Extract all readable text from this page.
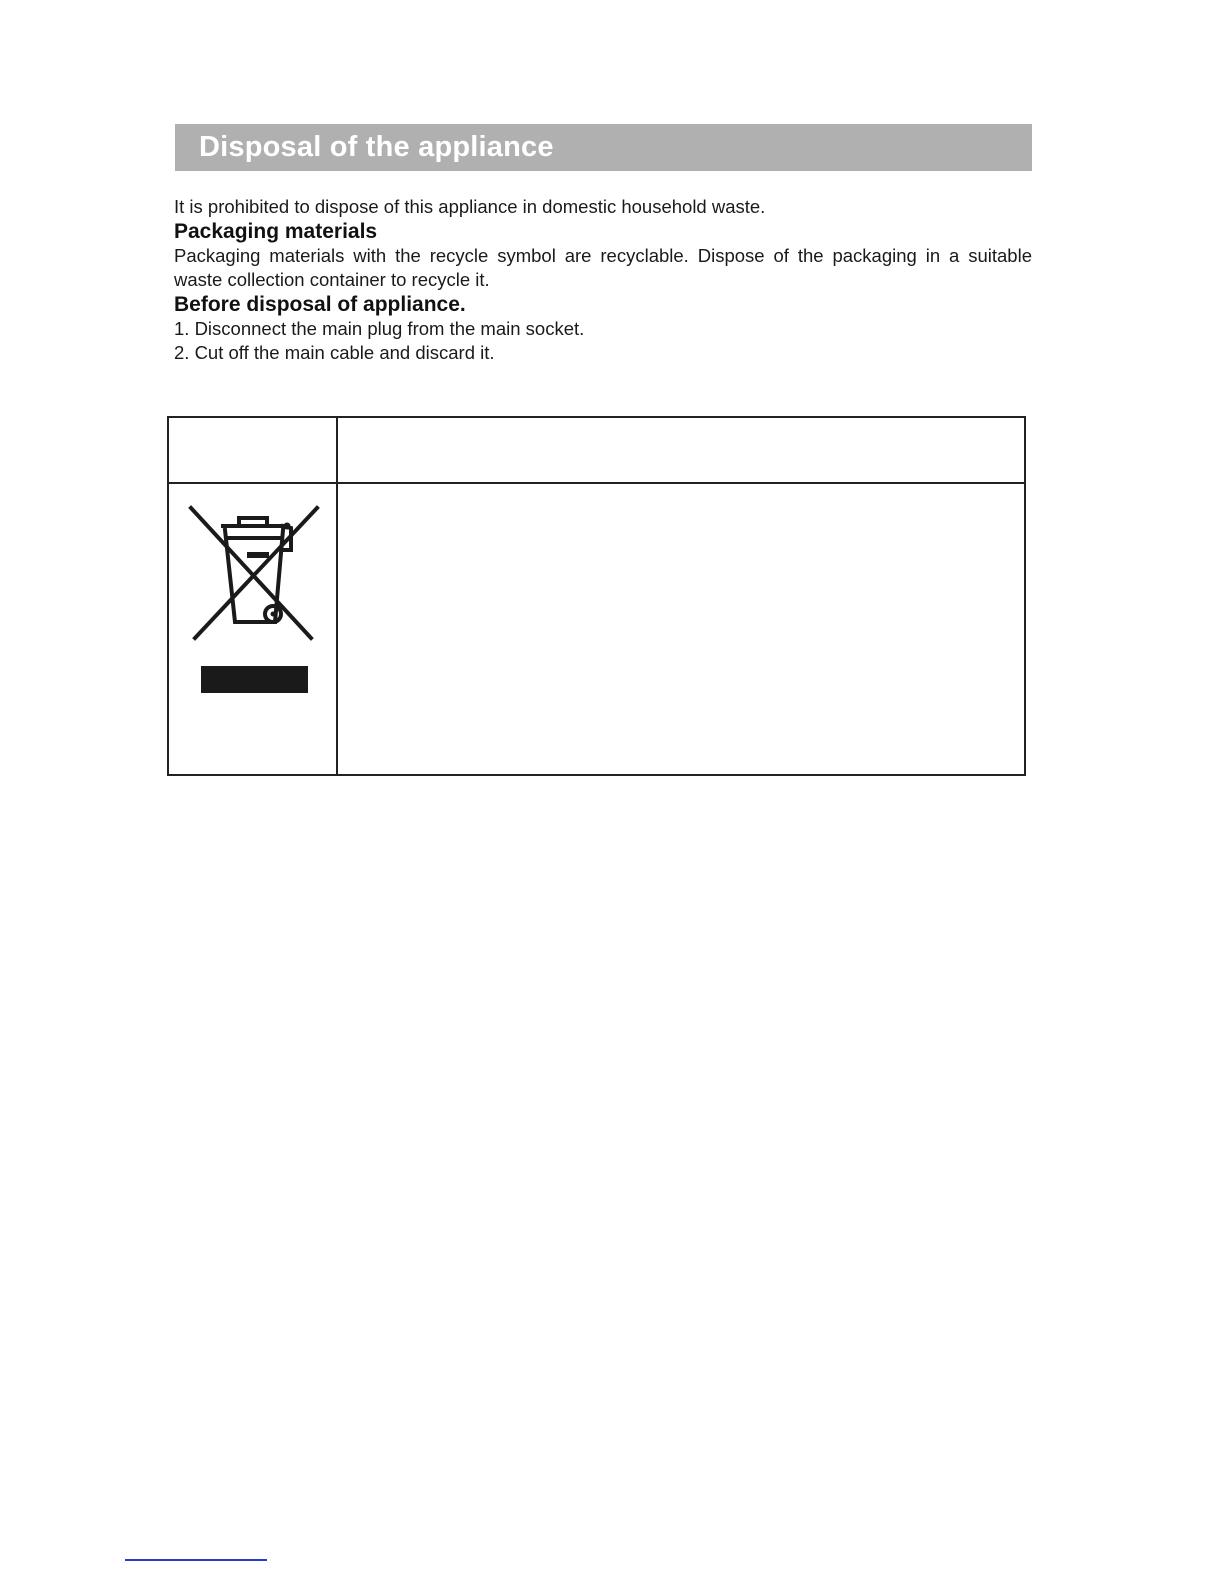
Disposal of the appliance

It is prohibited to dispose of this appliance in domestic household waste.

Packaging materials

Packaging materials with the recycle symbol are recyclable. Dispose of the packaging in a suitable waste collection container to recycle it.

Before disposal of appliance.

1. Disconnect the main plug from the main socket.

2. Cut off the main cable and discard it.
